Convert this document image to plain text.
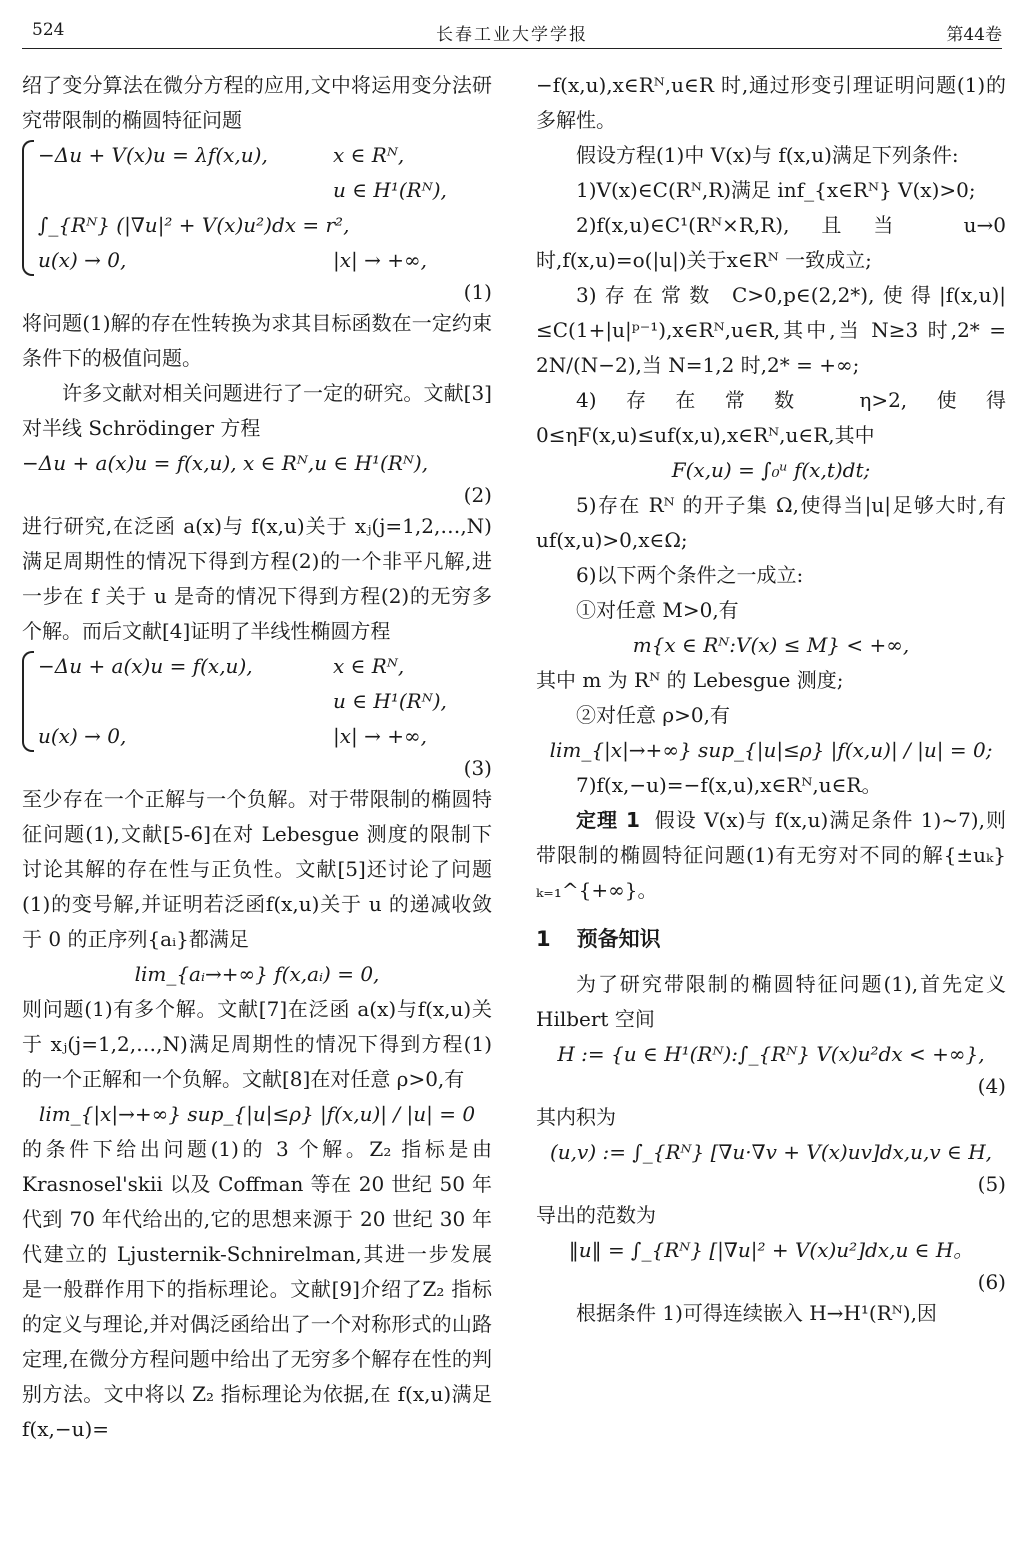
524	长春工业大学学报	第44卷

绍了变分算法在微分方程的应用,文中将运用变分法研究带限制的椭圆特征问题

−Δu + V(x)u = λf(x,u),	x ∈ Rᴺ,
u ∈ H¹(Rᴺ),
∫_{Rᴺ} (|∇u|² + V(x)u²)dx = r²,
u(x) → 0,	|x| → +∞,
(1)

将问题(1)解的存在性转换为求其目标函数在一定约束条件下的极值问题。

许多文献对相关问题进行了一定的研究。文献[3]对半线 Schrödinger 方程

−Δu + a(x)u = f(x,u), x ∈ Rᴺ,u ∈ H¹(Rᴺ),
(2)

进行研究,在泛函 a(x)与 f(x,u)关于 xⱼ(j=1,2,…,N)满足周期性的情况下得到方程(2)的一个非平凡解,进一步在 f 关于 u 是奇的情况下得到方程(2)的无穷多个解。而后文献[4]证明了半线性椭圆方程

−Δu + a(x)u = f(x,u),	x ∈ Rᴺ,
u ∈ H¹(Rᴺ),
u(x) → 0,	|x| → +∞,
(3)

至少存在一个正解与一个负解。对于带限制的椭圆特征问题(1),文献[5-6]在对 Lebesgue 测度的限制下讨论其解的存在性与正负性。文献[5]还讨论了问题(1)的变号解,并证明若泛函f(x,u)关于 u 的递减收敛于 0 的正序列{aᵢ}都满足

lim_{aᵢ→+∞} f(x,aᵢ) = 0,

则问题(1)有多个解。文献[7]在泛函 a(x)与f(x,u)关于 xⱼ(j=1,2,…,N)满足周期性的情况下得到方程(1)的一个正解和一个负解。文献[8]在对任意 ρ>0,有

lim_{|x|→+∞} sup_{|u|≤ρ} |f(x,u)| / |u| = 0

的条件下给出问题(1)的 3 个解。Z₂ 指标是由Krasnosel'skii 以及 Coffman 等在 20 世纪 50 年代到 70 年代给出的,它的思想来源于 20 世纪 30 年代建立的 Ljusternik-Schnirelman,其进一步发展是一般群作用下的指标理论。文献[9]介绍了Z₂ 指标的定义与理论,并对偶泛函给出了一个对称形式的山路定理,在微分方程问题中给出了无穷多个解存在性的判别方法。文中将以 Z₂ 指标理论为依据,在 f(x,u)满足 f(x,−u)=

−f(x,u),x∈Rᴺ,u∈R 时,通过形变引理证明问题(1)的多解性。

假设方程(1)中 V(x)与 f(x,u)满足下列条件:

1)V(x)∈C(Rᴺ,R)满足 inf_{x∈Rᴺ} V(x)>0;

2)f(x,u)∈C¹(Rᴺ×R,R),且当 u→0 时,f(x,u)=o(|u|)关于x∈Rᴺ 一致成立;

3)存在常数 C>0,p∈(2,2*),使得|f(x,u)|≤C(1+|u|ᵖ⁻¹),x∈Rᴺ,u∈R,其中,当 N≥3 时,2* = 2N/(N−2),当 N=1,2 时,2* = +∞;

4)存在常数 η>2,使得 0≤ηF(x,u)≤uf(x,u),x∈Rᴺ,u∈R,其中

F(x,u) = ∫₀ᵘ f(x,t)dt;

5)存在 Rᴺ 的开子集 Ω,使得当|u|足够大时,有 uf(x,u)>0,x∈Ω;

6)以下两个条件之一成立:

①对任意 M>0,有

m{x ∈ Rᴺ:V(x) ≤ M} < +∞,

其中 m 为 Rᴺ 的 Lebesgue 测度;

②对任意 ρ>0,有

lim_{|x|→+∞} sup_{|u|≤ρ} |f(x,u)| / |u| = 0;

7)f(x,−u)=−f(x,u),x∈Rᴺ,u∈R。

定理 1 假设 V(x)与 f(x,u)满足条件 1)~7),则带限制的椭圆特征问题(1)有无穷对不同的解{±uₖ}ₖ₌₁^{+∞}。

1 预备知识

为了研究带限制的椭圆特征问题(1),首先定义 Hilbert 空间

H := {u ∈ H¹(Rᴺ):∫_{Rᴺ} V(x)u²dx < +∞},
(4)

其内积为

(u,v) := ∫_{Rᴺ} [∇u·∇v + V(x)uv]dx,u,v ∈ H,
(5)

导出的范数为

‖u‖ = ∫_{Rᴺ} [|∇u|² + V(x)u²]dx,u ∈ H。
(6)

根据条件 1)可得连续嵌入 H→H¹(Rᴺ),因
